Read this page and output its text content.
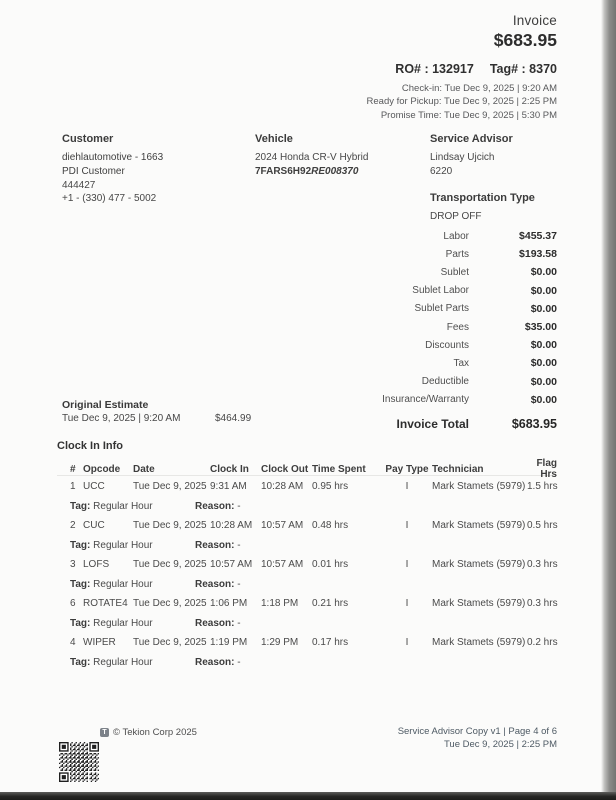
Invoice
$683.95
RO# : 132917 Tag# : 8370
Check-in: Tue Dec 9, 2025 | 9:20 AM
Ready for Pickup: Tue Dec 9, 2025 | 2:25 PM
Promise Time: Tue Dec 9, 2025 | 5:30 PM
Customer
diehlautomotive - 1663
PDI Customer
444427
+1 - (330) 477 - 5002
Vehicle
2024 Honda CR-V Hybrid
7FARS6H92RE008370
Service Advisor
Lindsay Ujcich
6220
Transportation Type
DROP OFF
Labor	$455.37
Parts	$193.58
Sublet	$0.00
Sublet Labor	$0.00
Sublet Parts	$0.00
Fees	$35.00
Discounts	$0.00
Tax	$0.00
Deductible	$0.00
Insurance/Warranty	$0.00
Invoice Total	$683.95
Original Estimate
Tue Dec 9, 2025 | 9:20 AM	$464.99
Clock In Info
# Opcode	Date	Clock In	Clock Out Time Spent	Pay Type Technician	Flag Hrs
1 UCC	Tue Dec 9, 2025 9:31 AM	10:28 AM 0.95 hrs	I	Mark Stamets (5979) 1.5 hrs
Tag: Regular Hour	Reason: -
2 CUC	Tue Dec 9, 2025 10:28 AM 10:57 AM 0.48 hrs	I	Mark Stamets (5979) 0.5 hrs
Tag: Regular Hour	Reason: -
3 LOFS	Tue Dec 9, 2025 10:57 AM 10:57 AM 0.01 hrs	I	Mark Stamets (5979) 0.3 hrs
Tag: Regular Hour	Reason: -
6 ROTATE4 Tue Dec 9, 2025 1:06 PM	1:18 PM	0.21 hrs	I	Mark Stamets (5979) 0.3 hrs
Tag: Regular Hour	Reason: -
4 WIPER	Tue Dec 9, 2025 1:19 PM	1:29 PM	0.17 hrs	I	Mark Stamets (5979) 0.2 hrs
Tag: Regular Hour	Reason: -
T © Tekion Corp 2025	Service Advisor Copy v1 | Page 4 of 6
Tue Dec 9, 2025 | 2:25 PM
